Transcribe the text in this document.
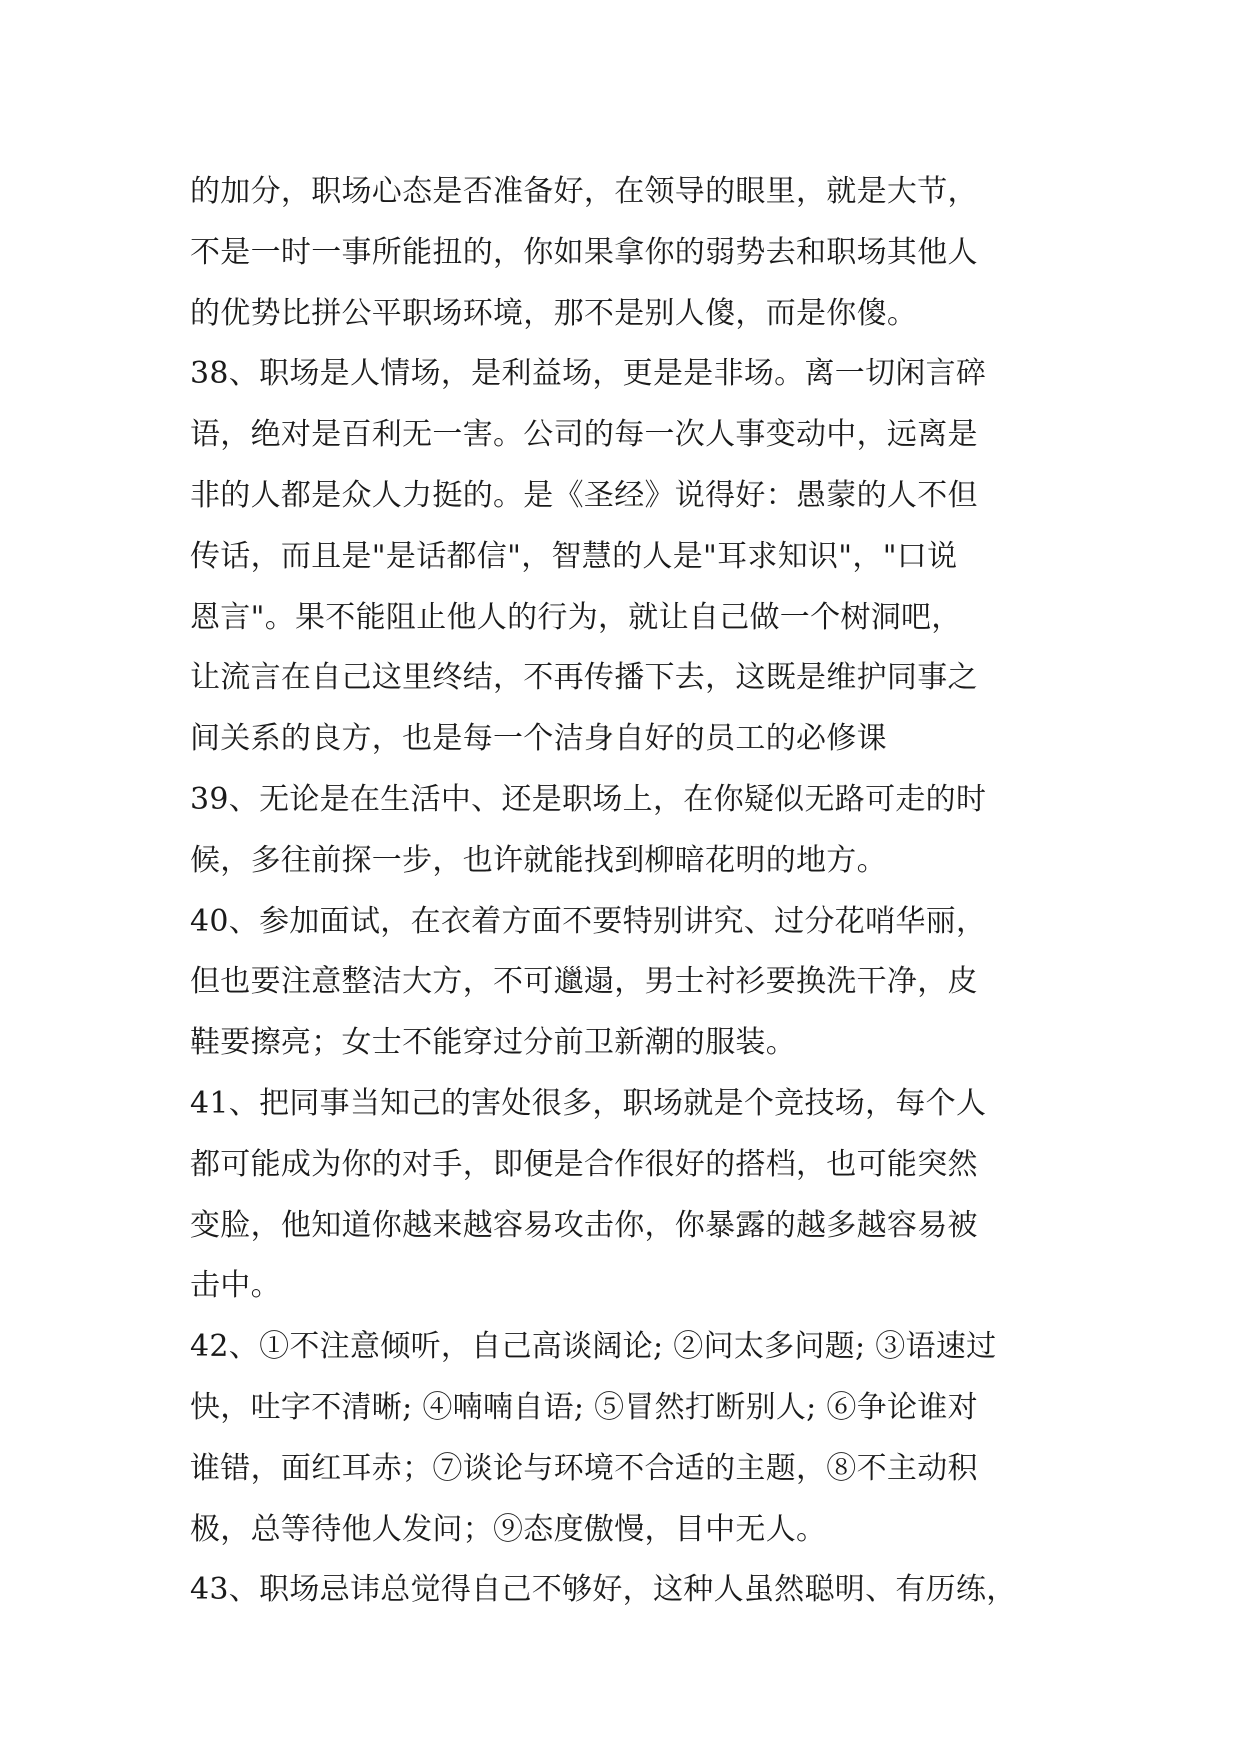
的加分，职场心态是否准备好，在领导的眼里，就是大节，
不是一时一事所能扭的，你如果拿你的弱势去和职场其他人
的优势比拼公平职场环境，那不是别人傻，而是你傻。
38、职场是人情场，是利益场，更是是非场。离一切闲言碎
语，绝对是百利无一害。公司的每一次人事变动中，远离是
非的人都是众人力挺的。是《圣经》说得好：愚蒙的人不但
传话，而且是"是话都信"，智慧的人是"耳求知识"，"口说
恩言"。果不能阻止他人的行为，就让自己做一个树洞吧，
让流言在自己这里终结，不再传播下去，这既是维护同事之
间关系的良方，也是每一个洁身自好的员工的必修课
39、无论是在生活中、还是职场上，在你疑似无路可走的时
候，多往前探一步，也许就能找到柳暗花明的地方。
40、参加面试，在衣着方面不要特别讲究、过分花哨华丽，
但也要注意整洁大方，不可邋遢，男士衬衫要换洗干净，皮
鞋要擦亮；女士不能穿过分前卫新潮的服装。
41、把同事当知己的害处很多，职场就是个竞技场，每个人
都可能成为你的对手，即便是合作很好的搭档，也可能突然
变脸，他知道你越来越容易攻击你，你暴露的越多越容易被
击中。
42、①不注意倾听，自己高谈阔论; ②问太多问题; ③语速过
快，吐字不清晰; ④喃喃自语; ⑤冒然打断别人; ⑥争论谁对
谁错，面红耳赤；⑦谈论与环境不合适的主题，⑧不主动积
极，总等待他人发问；⑨态度傲慢，目中无人。
43、职场忌讳总觉得自己不够好，这种人虽然聪明、有历练，
